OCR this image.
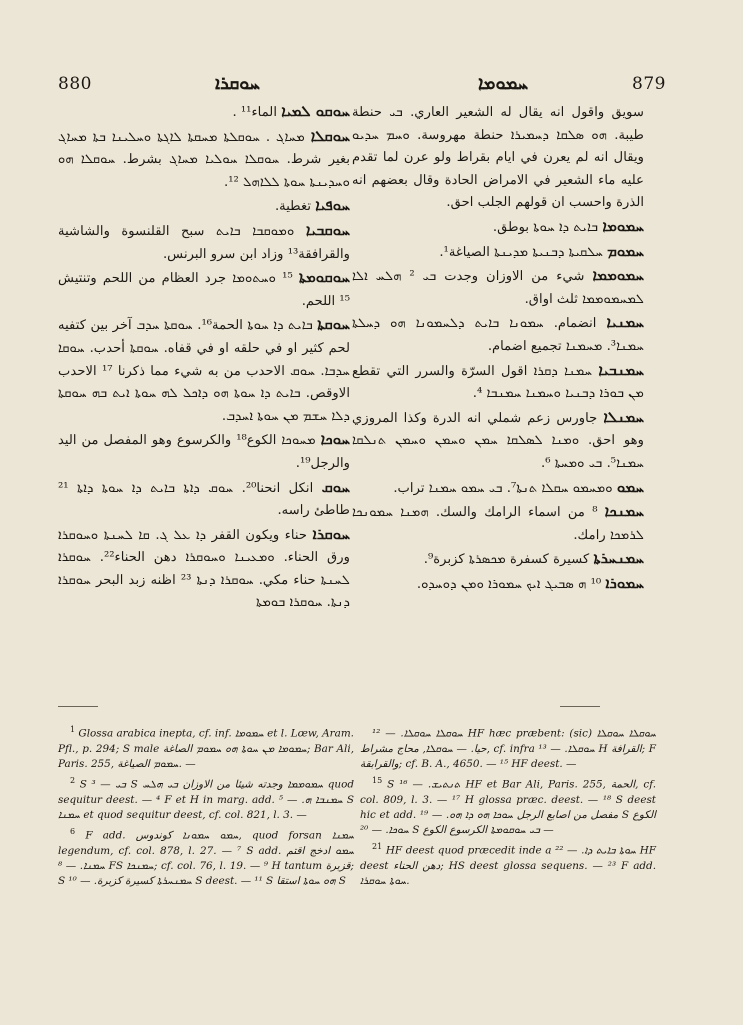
880	ܚܘܩܪܐ	ܚܡܘܡܐ	879
ܚܘܩܘ ܠܡܝܐ الماء¹¹ .
ܚܘܩܠܐ ܡܚܐܓ . ܚܘܩܠܬܐ ܡܚܩܬܐ ܠܐܓܬܐ ܘܚܠܝܢܐ ܒܬܐ ܡܚܐܓ بغير شرط. ܚܘܩܠܐ ܚܘܠܝܐ ܡܚܐܓ بشرط. ܚܘܩܠܐ ܗܘ ܘܚܕܝܢܬܐ ܚܘܬܐ ܠܠܐܗܠ ¹².
ܚܘܦܝܐ تغطية.
ܚܘܩܒܝܐ ܘܡܘܩܒܐ ܒܐܝܬ سبح القلنسوة والشاشية والقرافقة¹³ وزاد ابن سرو البرنس.
ܚܘܩܘܡܬܐ ¹⁵ ܘܚܬܘܡܐ جرد العظام من اللحم وتنتيش ¹⁵ اللحم.
ܚܘܩܬܐ ܒܐܝܬ ܕܐ ܚܘܬܐ الحمة¹⁶. ܚܘܩܬܐ ܚܕܒ آخر بين كتفيه لحم كثير او في حلقه او في قفاه. ܚܘܩܬܐ أحدب. ܚܘܩܐ ܚܕܒܐ. ܚܘܩ الاحدب من به شيء مما ذكرنا ¹⁷ الاحدب الاوقص. ܒܐܝܬ ܕܐ ܚܘܬܐ ܗܘ ܕܐܟܠ ܠܗ ܚܘܬܐ ܐܝܬ ܒܗ ܚܘܩܬܐ ܕܠܐ ܚܫܡ ܡܢ ܚܘܬܐ ܐܚܕܒ.
ܚܘܟܐ ܡܚܘܟܐ الكوع¹⁸ والكرسوع وهو المفصل من اليد والرجل¹⁹.
ܚܘܩ انكل انحنا²⁰. ܚܘܩ ܕܐܬܐ ܒܐܝܬ ܕܐ ܚܘܬܐ ܕܐܬܐ ²¹ طاطئ راسه.
ܚܘܩܪܐ حناء ويكون القفر ܕܐ ܥܠ ܓ. ܩܐ ܠܚܢܬܐ ܘܚܘܩܪܐ ورق الحناء. ܘܡܥܝܢܐ ܘܚܘܩܪܐ دهن الحناء²². ܚܘܩܪܐ ܠܚܢܬܐ حناء مكي. ܚܘܩܪܐ ܕܢܬܐ ²³ اظنه زبد البحر ܚܘܩܪܐ ܕܢܬܐ. ܚܘܩܪܐ ܒܘܡܬܐ
سويق واقول انه يقال له الشعير العاري. ܒܝ حنطة طيبة. ܗܘ ܣܠܩܐ ܕܚܡܝܪܐ حنطة مهروسة. ܘܚܡ ܚܕܝܘ ويقال انه لم يعرن في ايام بقراط ولو عرن لما تقدم عليه ماء الشعير في الامراض الحادة وقال بعضهم انه الذرة واحسب ان قولهم الجلب احق.
ܚܡܘܡܐ ܒܐܝܬ ܕܐ ܚܘܬܐ بوطق.
ܚܡܘܡ ܚܠܩܝܬܐ ܕܒܢܝܬܐ ܡܕܝܢܬܐ الصياغة¹.
ܚܡܘܡܡܐ شيء من الاوزان وجدت ܒܝ ² ܗܠܚ ܐܠܐ ܠܡܚܡܘܡܡܐ ثلث اواق.
ܚܡܢܝܐ انضمام. ܚܡܘܢܐ ܒܐܝܬ ܕܠܚܡܘܢܐ ܗܘ ܕܚܠܬܐ ܚܡܢܐ³. ܡܚܡܢܐ تجميع اضمام.
ܚܡܢܒܝܐ ܚܡܢܐ ܕܩܪܐ اقول السرّة والسرر التي تقطع ܡܢ ܒܘܪܐ ܕܒܢܝܐ ܘܚܡܢܐ ܚܡܢܒܐ ⁴.
ܚܡܢܠܐ جاورس زعم شملي انه الدرة وكذا المروزي وهو احق. ܘܡܢܐ ܠܣܠܩܐ ܚܡܢ ܘܚܡܢ ܘܚܡܢ ܬܢܠܩܐ ܚܡܢܐ⁵. ܒܝ ܘܡܚܬܐ ⁶.
ܚܡܘ ܘܡܚܡܘ ܚܩܠܐ ܬܢܬܐ⁷. ܒܝ ܚܡܘ ܚܡܢܐ تراب.
ܚܡܢܟܐ ⁸ من اسماء الرامك والسك. ܗܡܢܐ ܚܡܘܢܟܐ ܠܪܡܟܐ رامك.
ܚܡܢܚܪܬܐ كسيرة كسفرة ܡܟܣܪܬܐ كزبرة⁹.
ܚܡܘܪܐ ¹⁰ ܗ ܣܒܝܓ ܐܝܟ ܚܡܘܪܐ ܘܡܢ ܕܘܚܕܘ.

$^1$ Glossa arabica inepta, cf. inf. ܚܡܘܡܐ et l. Lœw, Aram. Pfl., p. 294; S male ܚܡܘܡܐ ܡܢ ܚܘܬܐ ܗܘ ܚܡܘܡ الصاغة; Bar Ali, Paris. 255, ܚܡܘܡ الصياغة. —

$^2$ S ܒܝ — ³ S ܚܡܘܡܡܐ وجدته شيئا من الاوزان ܒܝ ܗܠܚ quod sequitur deest. — ⁴ F et H in marg. add. ܚܡܢܒܐ ܗ. — ⁵ S ܚܡܢܐ et quod sequitur deest, cf. col. 821, l. 3. —

$^6$ F add. ܚܡܘ ܚܡܘܢܐ كوندوس, quod forsan ܚܡܢܐ legendum, cf. col. 878, l. 27. — ⁷ S add. ܚܡܘ ادخج اقتم ܚܡܢܐ. — ⁸ FS ܚܡܢܟܐ; cf. col. 76, l. 19. — ⁹ H tantum قزبرة; S ܚܡܢܚܪܬܐ كسيرة كزبرة. — ¹⁰ S deest. — ¹¹ S ܗܘ ܚܘܬܐ استقا S

ܚܘܩܠܐ ܚܘܩܠܐ. — ¹² HF hæc præbent: (sic) ܚܘܩܠܐ ܚܘܩܠܐ حيا. — ܚܘܩܠܐ, محاج مشراط, cf. infra ܚܘܩܠܐ. — ¹³ H القرافة; F والقرابقة; cf. B. A., 4650. — ¹⁵ HF deest. —

$^{15}$ S ܬܢܬܝܫ. — ¹⁶ HF et Bar Ali, Paris. 255, الحمة, cf. col. 809, l. 3. — ¹⁷ H glossa præc. deest. — ¹⁸ S deest hic et add. مفصل من اصابع الرجل ܚܘܟܐ ܗܘ ܕܐ ܗܘ. — ¹⁹ S الكوع ܚܘܟܐ. — ²⁰ S ܒܝ ܚܘܩܘܡܬܐ الكرسوع الكوع —

$^{21}$ HF deest quod præcedit inde a ܚܘܬܐ ܒܐܝܬ ܕܐ. — ²² HF deest دهن الحناء; HS deest glossa sequens. — ²³ F add. ܚܘܬܐ ܚܘܩܪܐ.
